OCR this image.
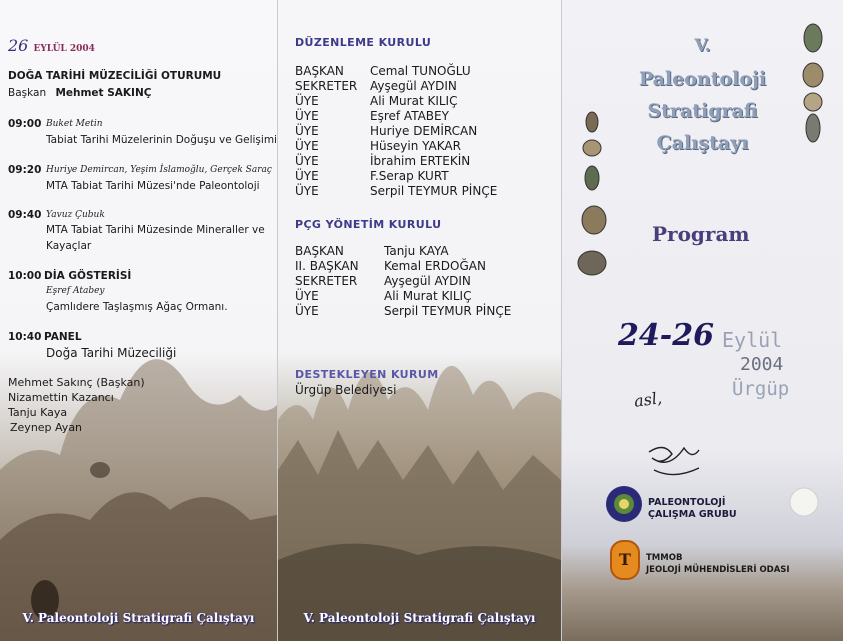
26 EYLÜL 2004
DOĞA TARİHİ MÜZECİLİĞİ OTURUMU
Başkan Mehmet SAKINÇ
09:00 Buket Metin
Tabiat Tarihi Müzelerinin Doğuşu ve Gelişimi
09:20 Huriye Demircan, Yeşim İslamoğlu, Gerçek Saraç
MTA Tabiat Tarihi Müzesi'nde Paleontoloji
09:40 Yavuz Çubuk
MTA Tabiat Tarihi Müzesinde Mineraller ve
Kayaçlar
10:00 DİA GÖSTERİSİ
Eşref Atabey
Çamlıdere Taşlaşmış Ağaç Ormanı.
10:40 PANEL
Doğa Tarihi Müzeciliği
Mehmet Sakınç (Başkan)
Nizamettin Kazancı
Tanju Kaya
Zeynep Ayan
V. Paleontoloji Stratigrafi Çalıştayı
DÜZENLEME KURULU
BAŞKAN Cemal TUNOĞLU
SEKRETER Ayşegül AYDIN
ÜYE	Ali Murat KILIÇ
ÜYE	Eşref ATABEY
ÜYE	Huriye DEMİRCAN
ÜYE	Hüseyin YAKAR
ÜYE	İbrahim ERTEKİN
ÜYE	F.Serap KURT
ÜYE	Serpil TEYMUR PİNÇE
PÇG YÖNETİM KURULU
BAŞKAN	Tanju KAYA
II. BAŞKAN Kemal ERDOĞAN
SEKRETER Ayşegül AYDIN
ÜYE	Ali Murat KILIÇ
ÜYE	Serpil TEYMUR PİNÇE
DESTEKLEYEN KURUM
Ürgüp Belediyesi
V. Paleontoloji Stratigrafi Çalıştayı
V.
Paleontoloji
Stratigrafi
Çalıştayı
Program
24-26 Eylül
2004
Ürgüp
asl,
PALEONTOLOJİ
ÇALIŞMA GRUBU
T	TMMOB
JEOLOJİ MÜHENDİSLERİ ODASI
